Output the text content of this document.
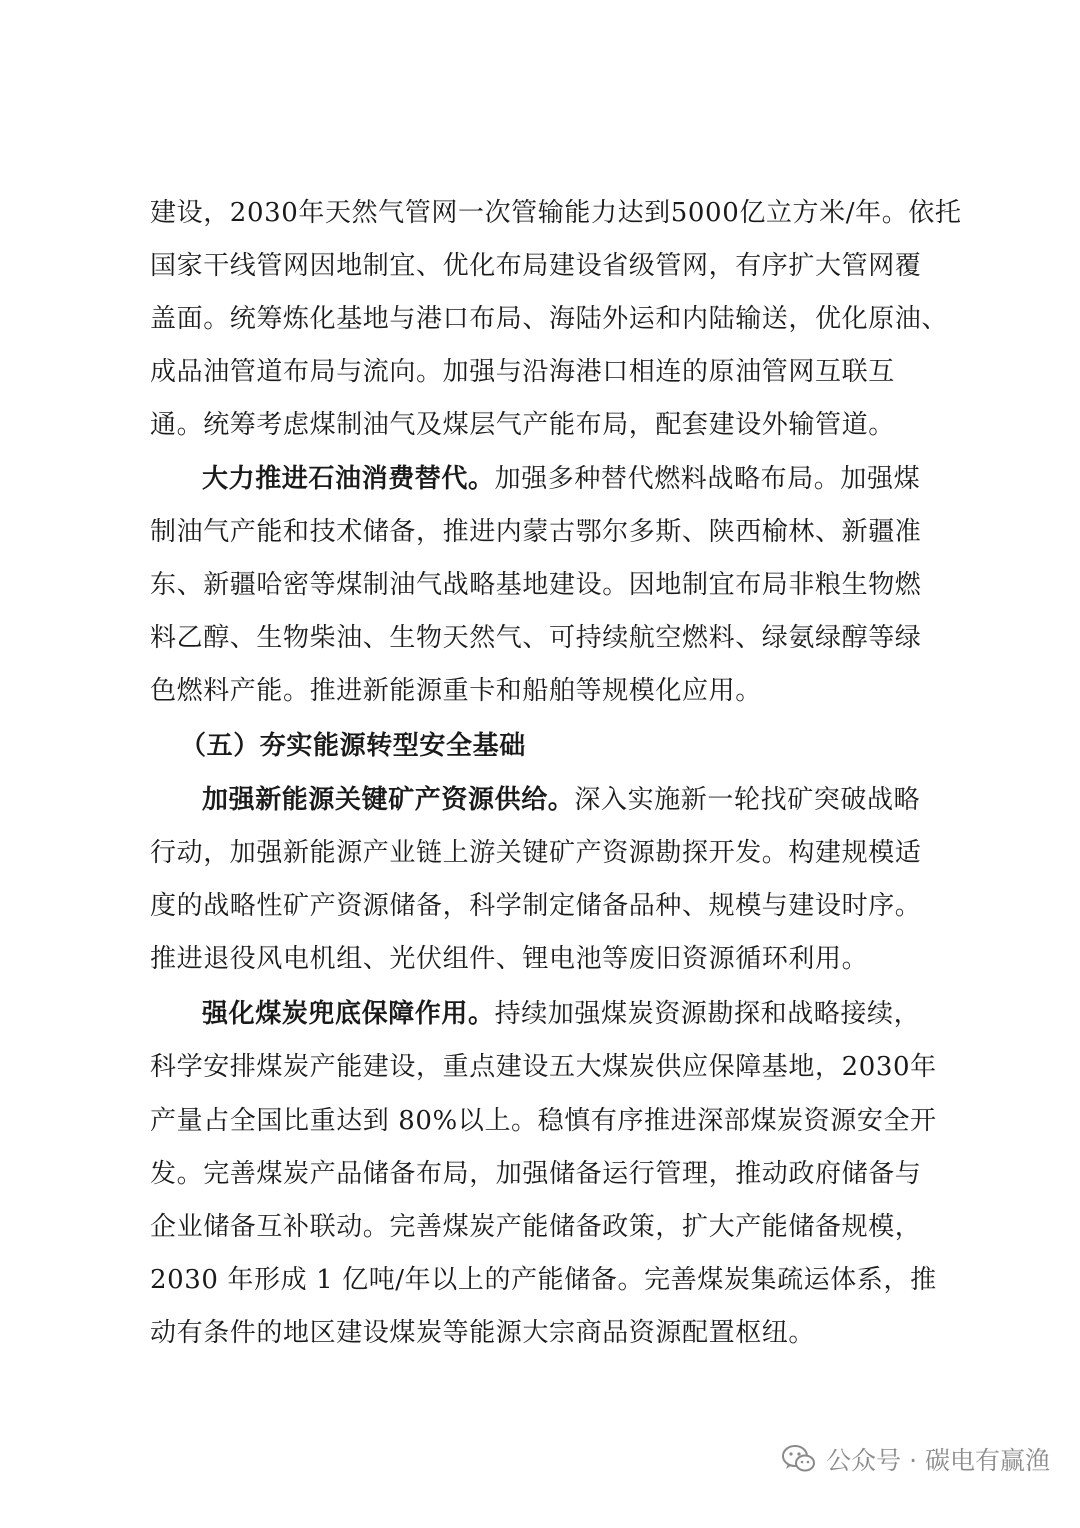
建设，2030年天然气管网一次管输能力达到5000亿立方米/年。依托
国家干线管网因地制宜、优化布局建设省级管网，有序扩大管网覆
盖面。统筹炼化基地与港口布局、海陆外运和内陆输送，优化原油、
成品油管道布局与流向。加强与沿海港口相连的原油管网互联互
通。统筹考虑煤制油气及煤层气产能布局，配套建设外输管道。
大力推进石油消费替代。加强多种替代燃料战略布局。加强煤
制油气产能和技术储备，推进内蒙古鄂尔多斯、陕西榆林、新疆准
东、新疆哈密等煤制油气战略基地建设。因地制宜布局非粮生物燃
料乙醇、生物柴油、生物天然气、可持续航空燃料、绿氨绿醇等绿
色燃料产能。推进新能源重卡和船舶等规模化应用。
（五）夯实能源转型安全基础
加强新能源关键矿产资源供给。深入实施新一轮找矿突破战略
行动，加强新能源产业链上游关键矿产资源勘探开发。构建规模适
度的战略性矿产资源储备，科学制定储备品种、规模与建设时序。
推进退役风电机组、光伏组件、锂电池等废旧资源循环利用。
强化煤炭兜底保障作用。持续加强煤炭资源勘探和战略接续，
科学安排煤炭产能建设，重点建设五大煤炭供应保障基地，2030年
产量占全国比重达到 80%以上。稳慎有序推进深部煤炭资源安全开
发。完善煤炭产品储备布局，加强储备运行管理，推动政府储备与
企业储备互补联动。完善煤炭产能储备政策，扩大产能储备规模，
2030 年形成 1 亿吨/年以上的产能储备。完善煤炭集疏运体系，推
动有条件的地区建设煤炭等能源大宗商品资源配置枢纽。
公众号 · 碳电有赢渔
